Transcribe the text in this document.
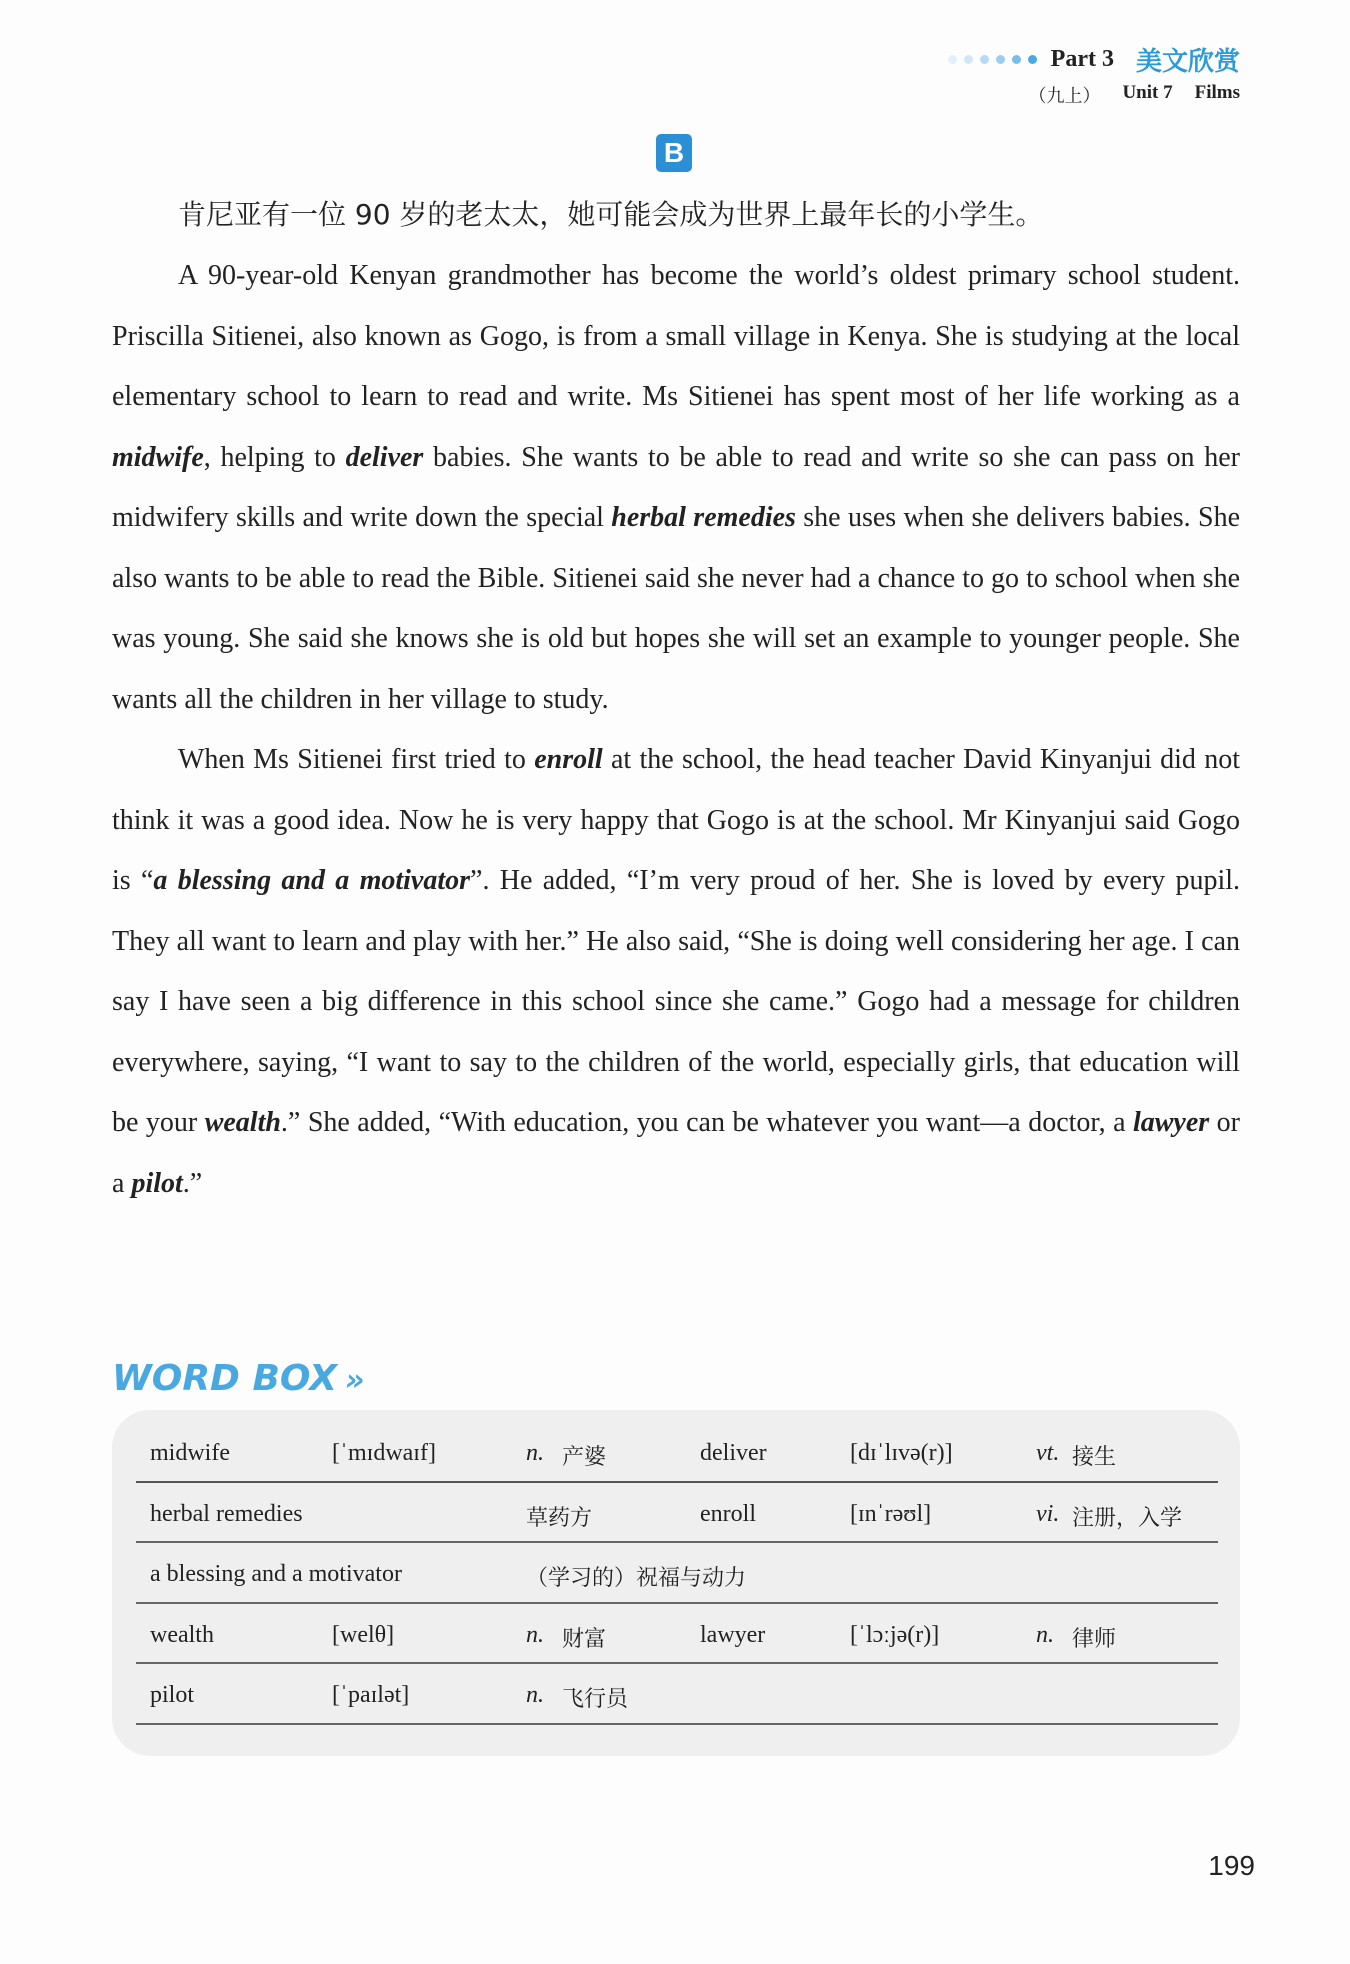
Part 3 美文欣赏
（九上） Unit 7 Films
B
肯尼亚有一位 90 岁的老太太，她可能会成为世界上最年长的小学生。

A 90-year-old Kenyan grandmother has become the world’s oldest primary school student. Priscilla Sitienei, also known as Gogo, is from a small village in Kenya. She is studying at the local elementary school to learn to read and write. Ms Sitienei has spent most of her life working as a midwife, helping to deliver babies. She wants to be able to read and write so she can pass on her midwifery skills and write down the special herbal remedies she uses when she delivers babies. She also wants to be able to read the Bible. Sitienei said she never had a chance to go to school when she was young. She said she knows she is old but hopes she will set an example to younger people. She wants all the children in her village to study.

When Ms Sitienei first tried to enroll at the school, the head teacher David Kinyanjui did not think it was a good idea. Now he is very happy that Gogo is at the school. Mr Kinyanjui said Gogo is “a blessing and a motivator”. He added, “I’m very proud of her. She is loved by every pupil. They all want to learn and play with her.” He also said, “She is doing well considering her age. I can say I have seen a big difference in this school since she came.” Gogo had a message for children everywhere, saying, “I want to say to the children of the world, especially girls, that education will be your wealth.” She added, “With education, you can be whatever you want—a doctor, a lawyer or a pilot.”

WORD BOX »
midwife	[ˈmɪdwaɪf]	n. 产婆	deliver	[dɪˈlɪvə(r)]	vt. 接生
herbal remedies	草药方	enroll	[ɪnˈrəʊl]	vi. 注册，入学
a blessing and a motivator	（学习的）祝福与动力
wealth	[welθ]	n. 财富	lawyer	[ˈlɔːjə(r)]	n. 律师
pilot	[ˈpaɪlət]	n. 飞行员
199
